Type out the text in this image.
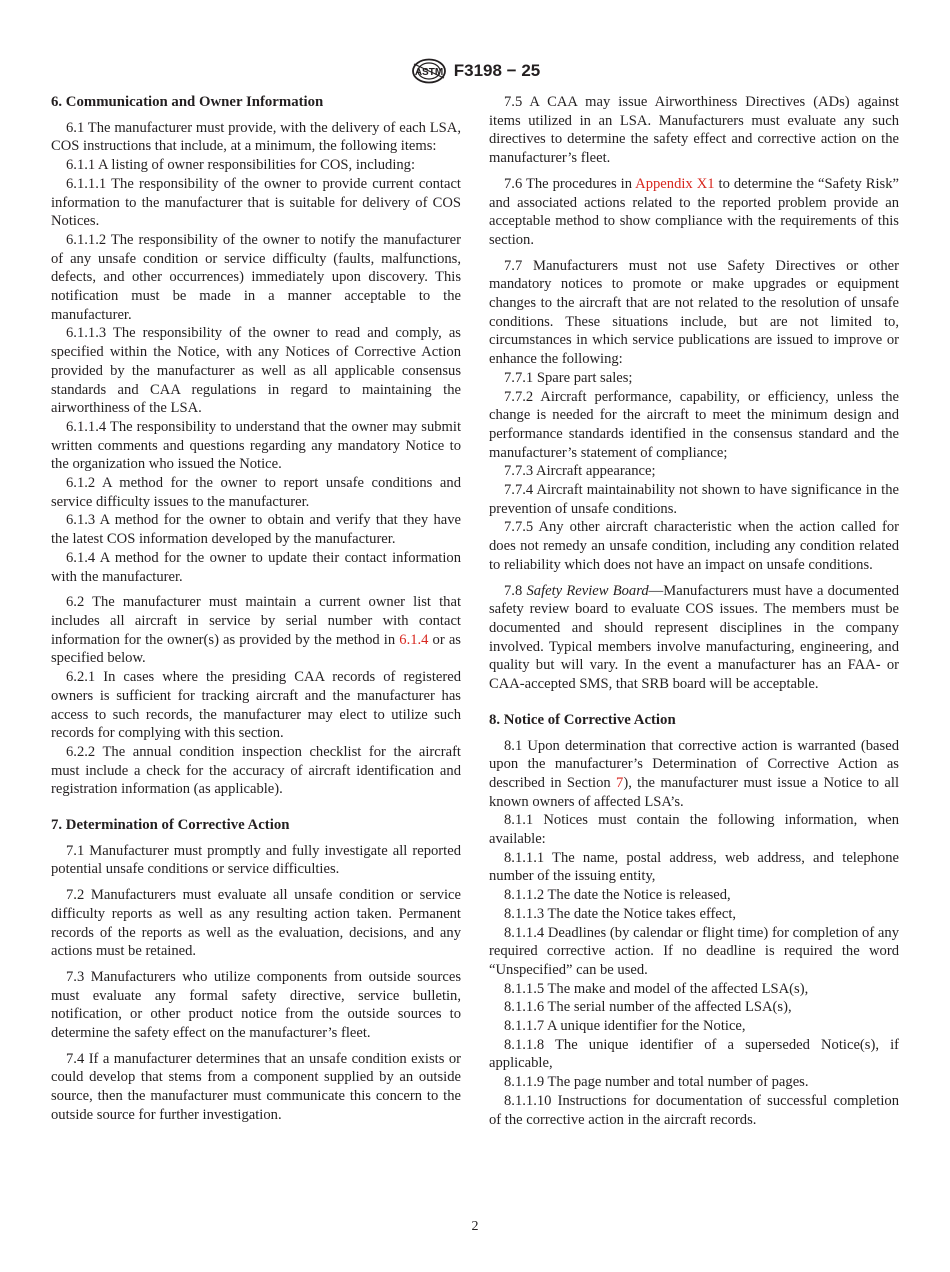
ASTM F3198 − 25

6. Communication and Owner Information

6.1 The manufacturer must provide, with the delivery of each LSA, COS instructions that include, at a minimum, the following items:

6.1.1 A listing of owner responsibilities for COS, including:

6.1.1.1 The responsibility of the owner to provide current contact information to the manufacturer that is suitable for delivery of COS Notices.

6.1.1.2 The responsibility of the owner to notify the manufacturer of any unsafe condition or service difficulty (faults, malfunctions, defects, and other occurrences) immediately upon discovery. This notification must be made in a manner acceptable to the manufacturer.

6.1.1.3 The responsibility of the owner to read and comply, as specified within the Notice, with any Notices of Corrective Action provided by the manufacturer as well as all applicable consensus standards and CAA regulations in regard to maintaining the airworthiness of the LSA.

6.1.1.4 The responsibility to understand that the owner may submit written comments and questions regarding any mandatory Notice to the organization who issued the Notice.

6.1.2 A method for the owner to report unsafe conditions and service difficulty issues to the manufacturer.

6.1.3 A method for the owner to obtain and verify that they have the latest COS information developed by the manufacturer.

6.1.4 A method for the owner to update their contact information with the manufacturer.

6.2 The manufacturer must maintain a current owner list that includes all aircraft in service by serial number with contact information for the owner(s) as provided by the method in 6.1.4 or as specified below.

6.2.1 In cases where the presiding CAA records of registered owners is sufficient for tracking aircraft and the manufacturer has access to such records, the manufacturer may elect to utilize such records for complying with this section.

6.2.2 The annual condition inspection checklist for the aircraft must include a check for the accuracy of aircraft identification and registration information (as applicable).

7. Determination of Corrective Action

7.1 Manufacturer must promptly and fully investigate all reported potential unsafe conditions or service difficulties.

7.2 Manufacturers must evaluate all unsafe condition or service difficulty reports as well as any resulting action taken. Permanent records of the reports as well as the evaluation, decisions, and any actions must be retained.

7.3 Manufacturers who utilize components from outside sources must evaluate any formal safety directive, service bulletin, notification, or other product notice from the outside sources to determine the safety effect on the manufacturer’s fleet.

7.4 If a manufacturer determines that an unsafe condition exists or could develop that stems from a component supplied by an outside source, then the manufacturer must communicate this concern to the outside source for further investigation.

7.5 A CAA may issue Airworthiness Directives (ADs) against items utilized in an LSA. Manufacturers must evaluate any such directives to determine the safety effect and corrective action on the manufacturer’s fleet.

7.6 The procedures in Appendix X1 to determine the “Safety Risk” and associated actions related to the reported problem provide an acceptable method to show compliance with the requirements of this section.

7.7 Manufacturers must not use Safety Directives or other mandatory notices to promote or make upgrades or equipment changes to the aircraft that are not related to the resolution of unsafe conditions. These situations include, but are not limited to, circumstances in which service publications are issued to improve or enhance the following:

7.7.1 Spare part sales;

7.7.2 Aircraft performance, capability, or efficiency, unless the change is needed for the aircraft to meet the minimum design and performance standards identified in the consensus standard and the manufacturer’s statement of compliance;

7.7.3 Aircraft appearance;

7.7.4 Aircraft maintainability not shown to have significance in the prevention of unsafe conditions.

7.7.5 Any other aircraft characteristic when the action called for does not remedy an unsafe condition, including any condition related to reliability which does not have an impact on unsafe conditions.

7.8 Safety Review Board—Manufacturers must have a documented safety review board to evaluate COS issues. The members must be documented and should represent disciplines in the company involved. Typical members involve manufacturing, engineering, and quality but will vary. In the event a manufacturer has an FAA- or CAA-accepted SMS, that SRB board will be acceptable.

8. Notice of Corrective Action

8.1 Upon determination that corrective action is warranted (based upon the manufacturer’s Determination of Corrective Action as described in Section 7), the manufacturer must issue a Notice to all known owners of affected LSA’s.

8.1.1 Notices must contain the following information, when available:

8.1.1.1 The name, postal address, web address, and telephone number of the issuing entity,

8.1.1.2 The date the Notice is released,

8.1.1.3 The date the Notice takes effect,

8.1.1.4 Deadlines (by calendar or flight time) for completion of any required corrective action. If no deadline is required the word “Unspecified” can be used.

8.1.1.5 The make and model of the affected LSA(s),

8.1.1.6 The serial number of the affected LSA(s),

8.1.1.7 A unique identifier for the Notice,

8.1.1.8 The unique identifier of a superseded Notice(s), if applicable,

8.1.1.9 The page number and total number of pages.

8.1.1.10 Instructions for documentation of successful completion of the corrective action in the aircraft records.

2
